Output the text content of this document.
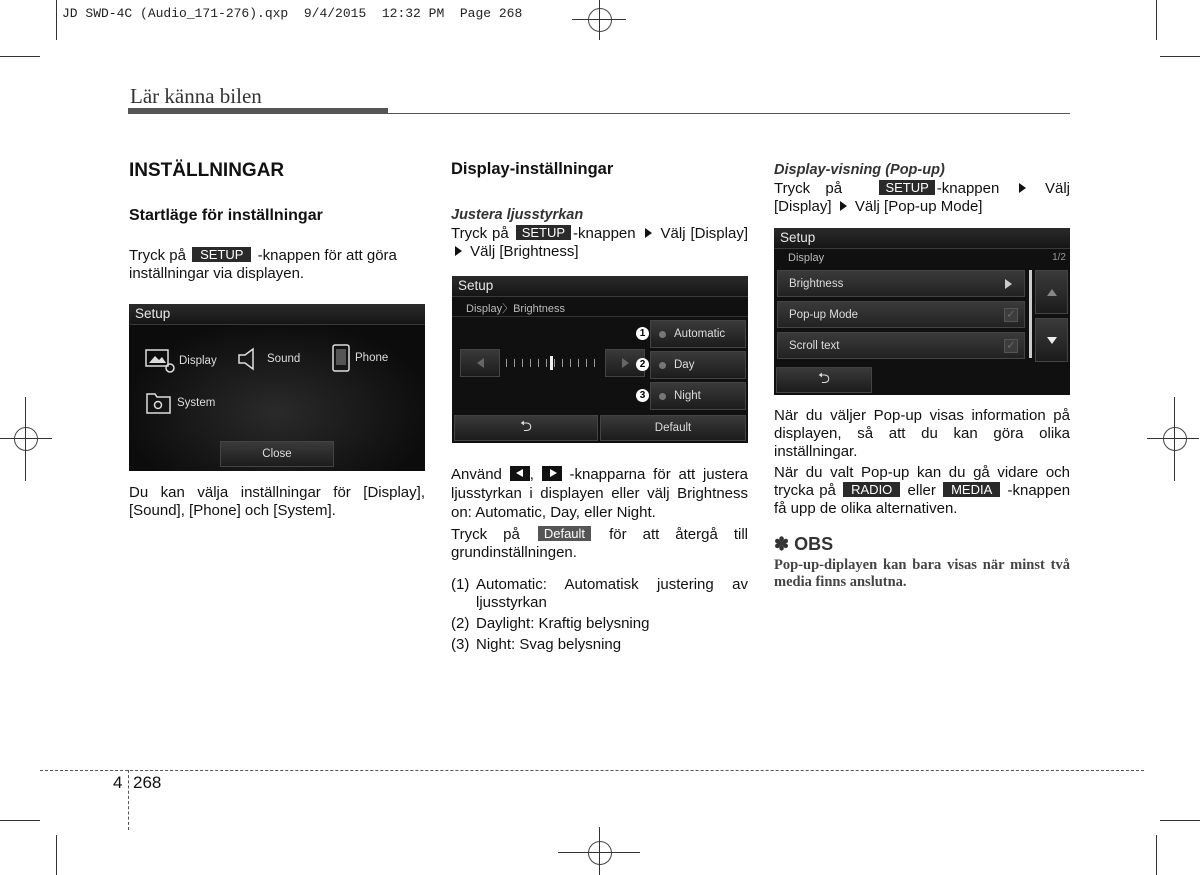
JD SWD-4C (Audio_171-276).qxp  9/4/2015  12:32 PM  Page 268
Lär känna bilen
INSTÄLLNINGAR
Startläge för inställningar
Tryck på SETUP -knappen för att göra inställningar via displayen.
Setup
Display	Sound	Phone
System
Close
Du kan välja inställningar för [Display], [Sound], [Phone] och [System].
Display-inställningar
Justera ljusstyrkan
Tryck på SETUP -knappen Välj [Display]  Välj [Brightness]
Setup
Display〉Brightness
1	Automatic
2	Day
3	Night
⮌	Default
Använd , -knapparna för att justera ljusstyrkan i displayen eller välj Brightness on: Automatic, Day, eller Night.
Tryck på Default för att återgå till grundinställningen.
(1) Automatic: Automatisk justering av ljusstyrkan
(2) Daylight: Kraftig belysning
(3) Night: Svag belysning
Display-visning (Pop-up)
Tryck på	SETUP -knappen	Välj [Display] Välj [Pop-up Mode]
Setup
Display	1/2
Brightness
Pop-up Mode
✓
Scroll text
✓
⮌
När du väljer Pop-up visas information på displayen, så att du kan göra olika inställningar.
När du valt Pop-up kan du gå vidare och trycka på RADIO eller MEDIA -knappen få upp de olika alternativen.
✽ OBS
Pop-up-diplayen kan bara visas när minst två media finns anslutna.
4 268
